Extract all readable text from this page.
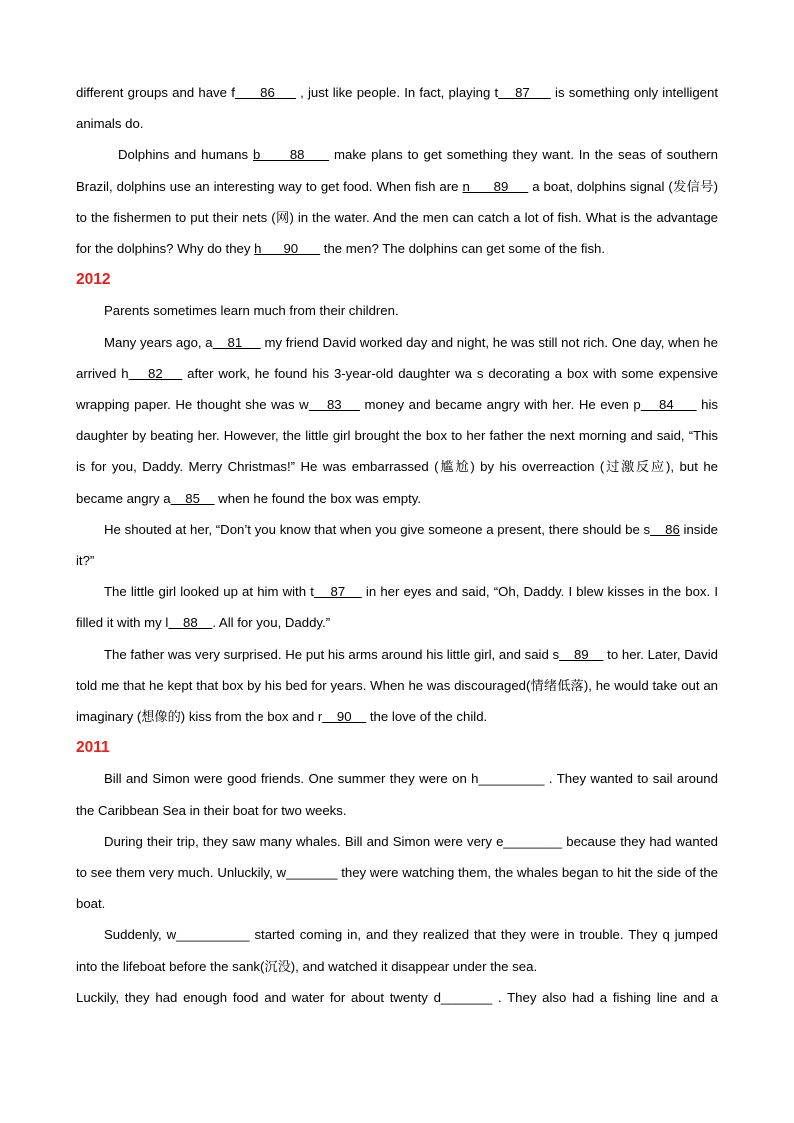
different groups and have f      86      , just like people. In fact, playing t    87      is something only intelligent animals do.

Dolphins and humans b      88      make plans to get something they want. In the seas of southern Brazil, dolphins use an interesting way to get food. When fish are n      89      a boat, dolphins signal (发信号) to the fishermen to put their nets (网) in the water. And the men can catch a lot of fish. What is the advantage for the dolphins? Why do they h      90       the men? The dolphins can get some of the fish.

2012

Parents sometimes learn much from their children.

Many years ago, a    81      my friend David worked day and night, he was still not rich. One day, when he arrived h    82     after work, he found his 3-year-old daughter wa s decorating a box with some expensive wrapping paper. He thought she was w    83     money and became angry with her. He even p    84      his daughter by beating her. However, the little girl brought the box to her father the next morning and said, “This is for you, Daddy. Merry Christmas!” He was embarrassed (尴尬) by his overreaction (过激反应), but he became angry a    85     when he found the box was empty.

He shouted at her, “Don’t you know that when you give someone a present, there should be s    86 inside it?”

The little girl looked up at him with t    87     in her eyes and said, “Oh, Daddy. I blew kisses in the box. I filled it with my l    88    . All for you, Daddy.”

The father was very surprised. He put his arms around his little girl, and said s    89     to her. Later, David told me that he kept that box by his bed for years. When he was discouraged(情绪低落), he would take out an imaginary (想像的) kiss from the box and r    90     the love of the child.

2011

Bill and Simon were good friends. One summer they were on h_________ . They wanted to sail around the Caribbean Sea in their boat for two weeks.

During their trip, they saw many whales. Bill and Simon were very e________ because they had wanted to see them very much. Unluckily, w_______ they were watching them, the whales began to hit the side of the boat.

Suddenly, w__________ started coming in, and they realized that they were in trouble. They q jumped into the lifeboat before the sank(沉没), and watched it disappear under the sea.

Luckily, they had enough food and water for about twenty d_______ . They also had a fishing line and a
